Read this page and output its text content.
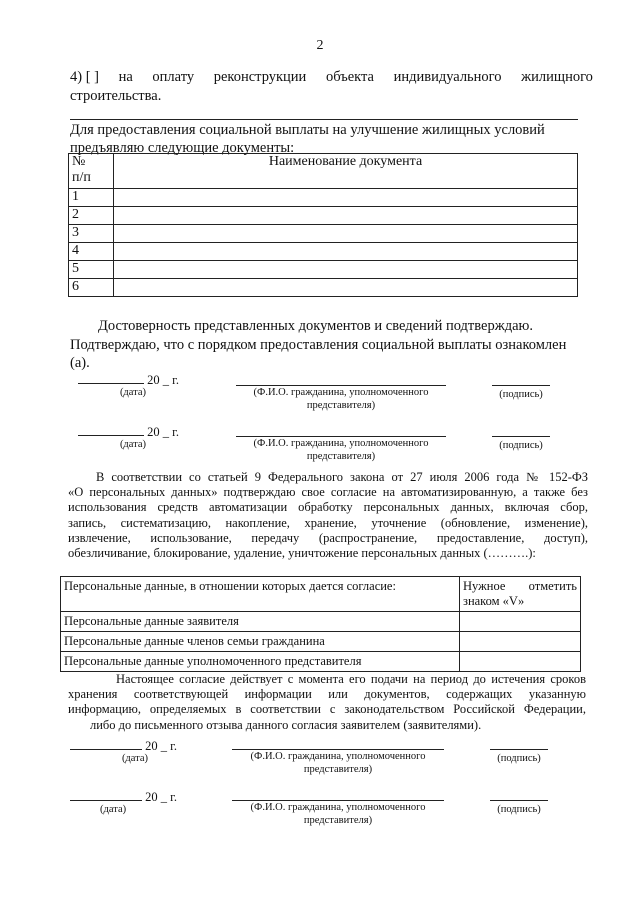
2
4) [ ] на оплату реконструкции объекта индивидуального жилищного
строительства.
Для предоставления социальной выплаты на улучшение жилищных условий
предъявляю следующие документы:
№
п/п	Наименование документа
1	
2	
3	
4	
5	
6	
Достоверность представленных документов и сведений подтверждаю.
Подтверждаю, что с порядком предоставления социальной выплаты ознакомлен
(а).
20 _ г.
(дата)	(Ф.И.О. гражданина, уполномоченного
представителя)
(подпись)
20 _ г.
(дата)	(Ф.И.О. гражданина, уполномоченного
представителя)
(подпись)
В соответствии со статьей 9 Федерального закона от 27 июля 2006 года № 152-ФЗ
«О персональных данных» подтверждаю свое согласие на автоматизированную, а также без
использования средств автоматизации обработку персональных данных, включая сбор,
запись, систематизацию, накопление, хранение, уточнение (обновление, изменение),
извлечение, использование, передачу (распространение, предоставление, доступ),
обезличивание, блокирование, удаление, уничтожение персональных данных (……….):
Персональные данные, в отношении которых дается согласие:	Нужное отметить
знаком «V»

Персональные данные заявителя	
Персональные данные членов семьи гражданина	
Персональные данные уполномоченного представителя	
Настоящее согласие действует с момента его подачи на период до истечения сроков
хранения соответствующей информации или документов, содержащих указанную
информацию, определяемых в соответствии с законодательством Российской Федерации,
либо до письменного отзыва данного согласия заявителем (заявителями).
20 _ г.
(дата)	(Ф.И.О. гражданина, уполномоченного
представителя)
(подпись)
20 _ г.
(дата)	(Ф.И.О. гражданина, уполномоченного
представителя)
(подпись)
